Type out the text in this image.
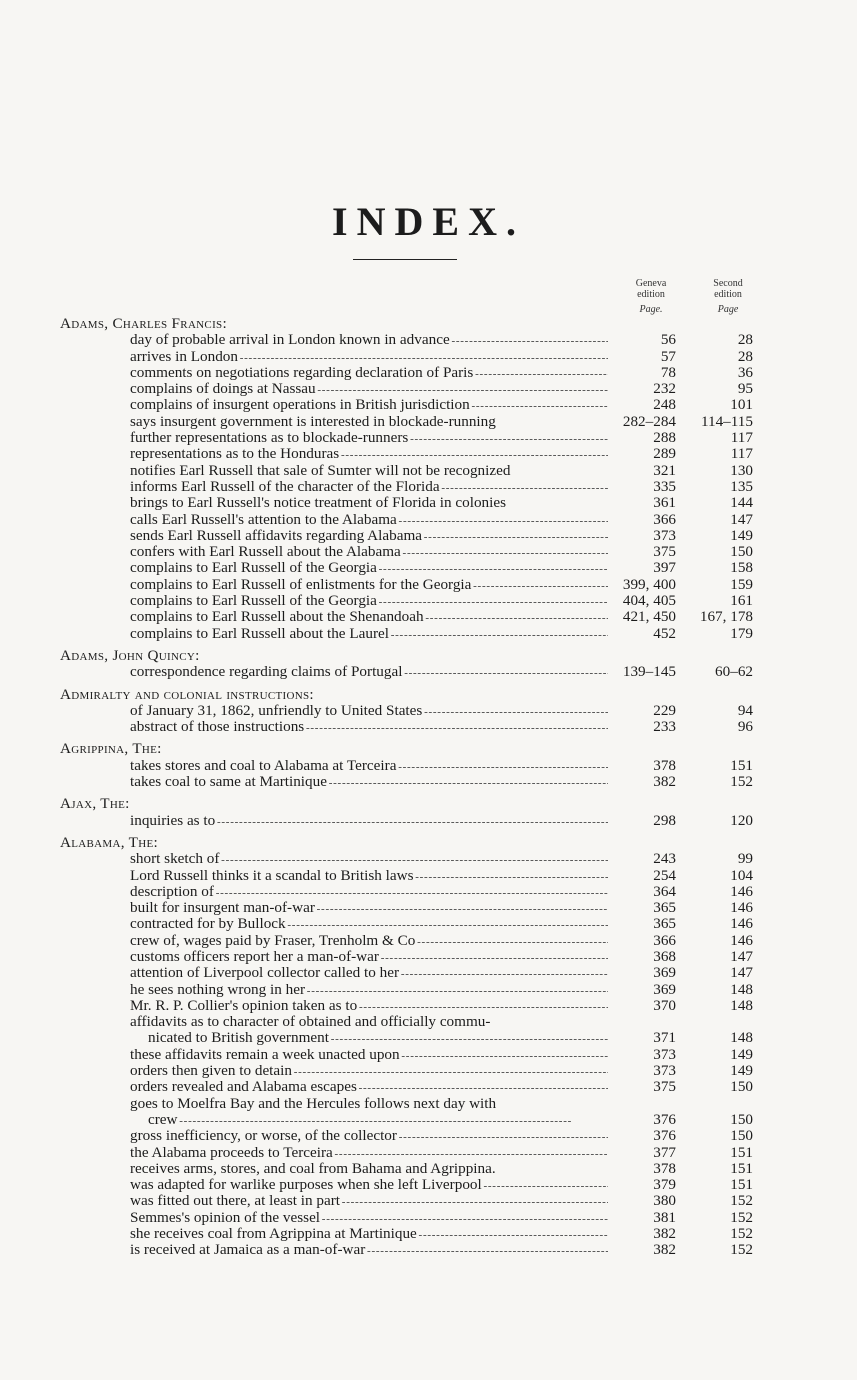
INDEX.
Geneva
edition
Page.
Second
edition
Page
Adams, Charles Francis:
day of probable arrival in London known in advance - - -	56	28
arrives in London - - -	57	28
comments on negotiations regarding declaration of Paris - - -	78	36
complains of doings at Nassau - - -	232	95
complains of insurgent operations in British jurisdiction - - -	248	101
says insurgent government is interested in blockade-running	282–284	114–115
further representations as to blockade-runners - - -	288	117
representations as to the Honduras - - -	289	117
notifies Earl Russell that sale of Sumter will not be recognized	321	130
informs Earl Russell of the character of the Florida - - -	335	135
brings to Earl Russell's notice treatment of Florida in colonies	361	144
calls Earl Russell's attention to the Alabama - - -	366	147
sends Earl Russell affidavits regarding Alabama - - -	373	149
confers with Earl Russell about the Alabama - - -	375	150
complains to Earl Russell of the Georgia - - -	397	158
complains to Earl Russell of enlistments for the Georgia - - -	399, 400	159
complains to Earl Russell of the Georgia - - -	404, 405	161
complains to Earl Russell about the Shenandoah - - -	421, 450	167, 178
complains to Earl Russell about the Laurel - - -	452	179
Adams, John Quincy:
correspondence regarding claims of Portugal - - -	139–145	60–62
Admiralty and colonial instructions:
of January 31, 1862, unfriendly to United States - - -	229	94
abstract of those instructions - - -	233	96
Agrippina, The:
takes stores and coal to Alabama at Terceira - - -	378	151
takes coal to same at Martinique - - -	382	152
Ajax, The:
inquiries as to - - -	298	120
Alabama, The:
short sketch of - - -	243	99
Lord Russell thinks it a scandal to British laws - - -	254	104
description of - - -	364	146
built for insurgent man-of-war - - -	365	146
contracted for by Bullock - - -	365	146
crew of, wages paid by Fraser, Trenholm & Co - - -	366	146
customs officers report her a man-of-war - - -	368	147
attention of Liverpool collector called to her - - -	369	147
he sees nothing wrong in her - - -	369	148
Mr. R. P. Collier's opinion taken as to - - -	370	148
affidavits as to character of obtained and officially commu-
nicated to British government - - -	371	148
these affidavits remain a week unacted upon - - -	373	149
orders then given to detain - - -	373	149
orders revealed and Alabama escapes - - -	375	150
goes to Moelfra Bay and the Hercules follows next day with
crew - - -	376	150
gross inefficiency, or worse, of the collector - - -	376	150
the Alabama proceeds to Terceira - - -	377	151
receives arms, stores, and coal from Bahama and Agrippina.	378	151
was adapted for warlike purposes when she left Liverpool - - -	379	151
was fitted out there, at least in part - - -	380	152
Semmes's opinion of the vessel - - -	381	152
she receives coal from Agrippina at Martinique - - -	382	152
is received at Jamaica as a man-of-war - - -	382	152
